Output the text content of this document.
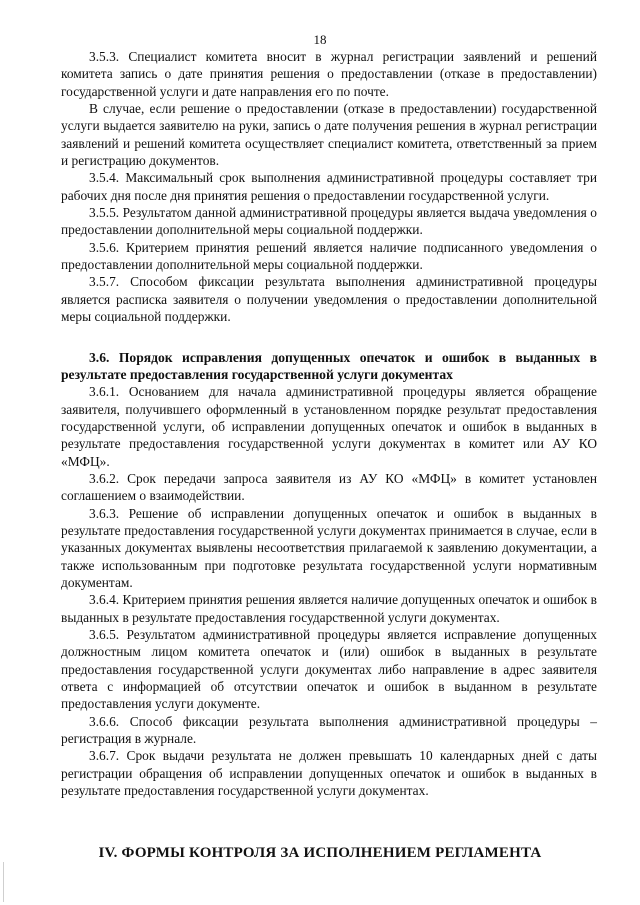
18

3.5.3. Специалист комитета вносит в журнал регистрации заявлений и решений комитета запись о дате принятия решения о предоставлении (отказе в предоставлении) государственной услуги и дате направления его по почте.

В случае, если решение о предоставлении (отказе в предоставлении) государственной услуги выдается заявителю на руки, запись о дате получения решения в журнал регистрации заявлений и решений комитета осуществляет специалист комитета, ответственный за прием и регистрацию документов.

3.5.4. Максимальный срок выполнения административной процедуры составляет три рабочих дня после дня принятия решения о предоставлении государственной услуги.

3.5.5. Результатом данной административной процедуры является выдача уведомления о предоставлении дополнительной меры социальной поддержки.

3.5.6. Критерием принятия решений является наличие подписанного уведомления о предоставлении дополнительной меры социальной поддержки.

3.5.7. Способом фиксации результата выполнения административной процедуры является расписка заявителя о получении уведомления о предоставлении дополнительной меры социальной поддержки.

3.6. Порядок исправления допущенных опечаток и ошибок в выданных в результате предоставления государственной услуги документах

3.6.1. Основанием для начала административной процедуры является обращение заявителя, получившего оформленный в установленном порядке результат предоставления государственной услуги, об исправлении допущенных опечаток и ошибок в выданных в результате предоставления государственной услуги документах в комитет или АУ КО «МФЦ».

3.6.2. Срок передачи запроса заявителя из АУ КО «МФЦ» в комитет установлен соглашением о взаимодействии.

3.6.3. Решение об исправлении допущенных опечаток и ошибок в выданных в результате предоставления государственной услуги документах принимается в случае, если в указанных документах выявлены несоответствия прилагаемой к заявлению документации, а также использованным при подготовке результата государственной услуги нормативным документам.

3.6.4. Критерием принятия решения является наличие допущенных опечаток и ошибок в выданных в результате предоставления государственной услуги документах.

3.6.5. Результатом административной процедуры является исправление допущенных должностным лицом комитета опечаток и (или) ошибок в выданных в результате предоставления государственной услуги документах либо направление в адрес заявителя ответа с информацией об отсутствии опечаток и ошибок в выданном в результате предоставления услуги документе.

3.6.6. Способ фиксации результата выполнения административной процедуры – регистрация в журнале.

3.6.7. Срок выдачи результата не должен превышать 10 календарных дней с даты регистрации обращения об исправлении допущенных опечаток и ошибок в выданных в результате предоставления государственной услуги документах.

IV. ФОРМЫ КОНТРОЛЯ ЗА ИСПОЛНЕНИЕМ РЕГЛАМЕНТА
